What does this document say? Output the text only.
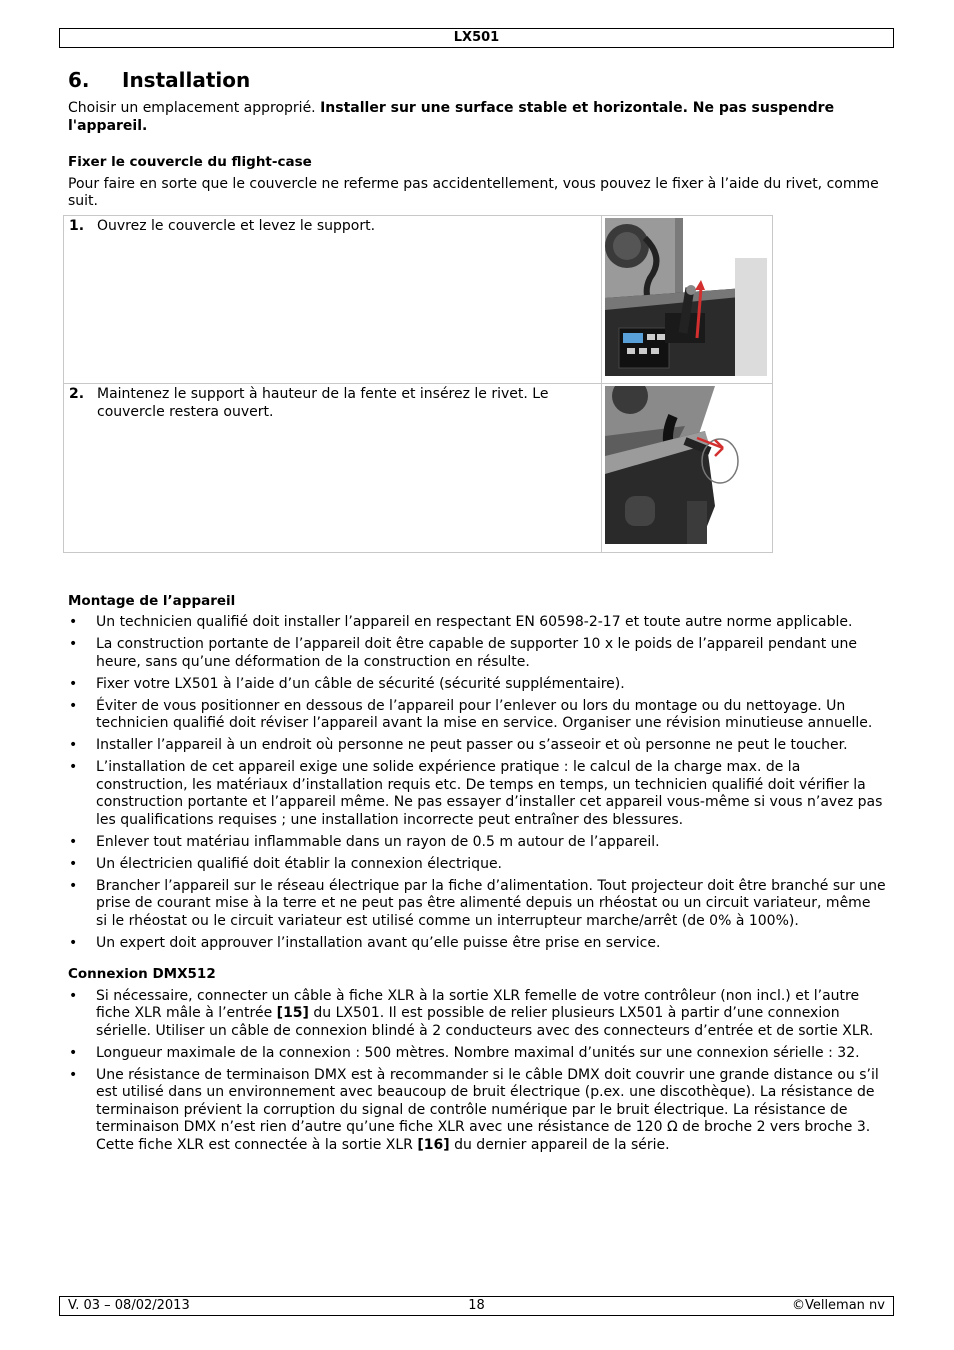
LX501
6.	Installation

Choisir un emplacement approprié. Installer sur une surface stable et horizontale. Ne pas suspendre l'appareil.

Fixer le couvercle du flight-case

Pour faire en sorte que le couvercle ne referme pas accidentellement, vous pouvez le fixer à l’aide du rivet, comme suit.

1. Ouvrez le couvercle et levez le support.

2. Maintenez le support à hauteur de la fente et insérez le rivet. Le couvercle restera ouvert.

Montage de l’appareil

• Un technicien qualifié doit installer l’appareil en respectant EN 60598-2-17 et toute autre norme applicable.
• La construction portante de l’appareil doit être capable de supporter 10 x le poids de l’appareil pendant une heure, sans qu’une déformation de la construction en résulte.
• Fixer votre LX501 à l’aide d’un câble de sécurité (sécurité supplémentaire).
• Éviter de vous positionner en dessous de l’appareil pour l’enlever ou lors du montage ou du nettoyage. Un technicien qualifié doit réviser l’appareil avant la mise en service. Organiser une révision minutieuse annuelle.
• Installer l’appareil à un endroit où personne ne peut passer ou s’asseoir et où personne ne peut le toucher.
• L’installation de cet appareil exige une solide expérience pratique : le calcul de la charge max. de la construction, les matériaux d’installation requis etc. De temps en temps, un technicien qualifié doit vérifier la construction portante et l’appareil même. Ne pas essayer d’installer cet appareil vous-même si vous n’avez pas les qualifications requises ; une installation incorrecte peut entraîner des blessures.
• Enlever tout matériau inflammable dans un rayon de 0.5 m autour de l’appareil.
• Un électricien qualifié doit établir la connexion électrique.
• Brancher l’appareil sur le réseau électrique par la fiche d’alimentation. Tout projecteur doit être branché sur une prise de courant mise à la terre et ne peut pas être alimenté depuis un rhéostat ou un circuit variateur, même si le rhéostat ou le circuit variateur est utilisé comme un interrupteur marche/arrêt (de 0% à 100%).
• Un expert doit approuver l’installation avant qu’elle puisse être prise en service.

Connexion DMX512

• Si nécessaire, connecter un câble à fiche XLR à la sortie XLR femelle de votre contrôleur (non incl.) et l’autre fiche XLR mâle à l’entrée [15] du LX501. Il est possible de relier plusieurs LX501 à partir d’une connexion sérielle. Utiliser un câble de connexion blindé à 2 conducteurs avec des connecteurs d’entrée et de sortie XLR.
• Longueur maximale de la connexion : 500 mètres. Nombre maximal d’unités sur une connexion sérielle : 32.
• Une résistance de terminaison DMX est à recommander si le câble DMX doit couvrir une grande distance ou s’il est utilisé dans un environnement avec beaucoup de bruit électrique (p.ex. une discothèque). La résistance de terminaison prévient la corruption du signal de contrôle numérique par le bruit électrique. La résistance de terminaison DMX n’est rien d’autre qu’une fiche XLR avec une résistance de 120 Ω de broche 2 vers broche 3. Cette fiche XLR est connectée à la sortie XLR [16] du dernier appareil de la série.
V. 03 – 08/02/2013	18	©Velleman nv
